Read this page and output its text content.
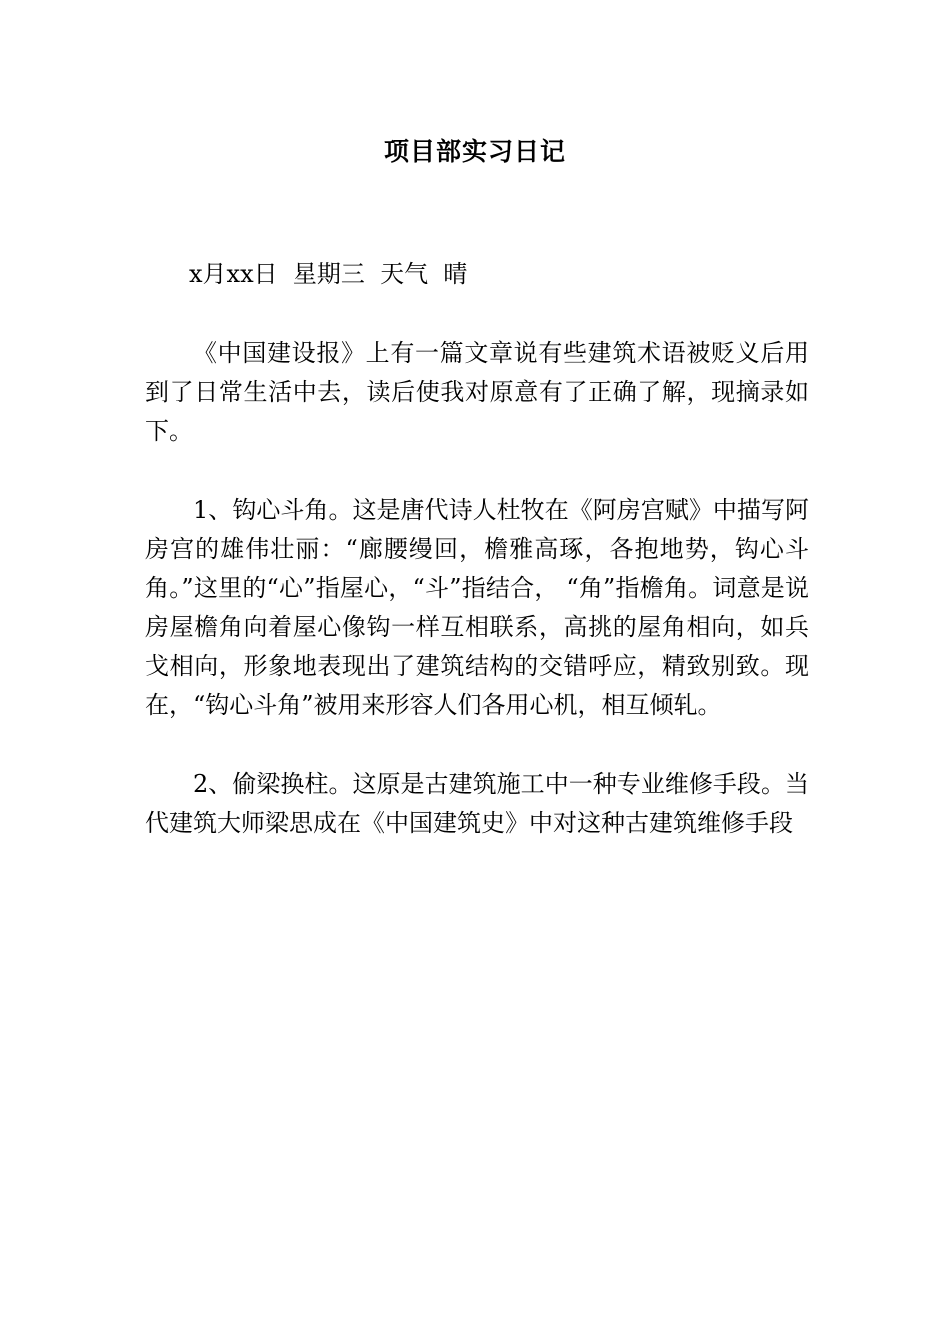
项目部实习日记

x月xx日  星期三  天气  晴

《中国建设报》上有一篇文章说有些建筑术语被贬义后用到了日常生活中去，读后使我对原意有了正确了解，现摘录如下。

1、钩心斗角。这是唐代诗人杜牧在《阿房宫赋》中描写阿房宫的雄伟壮丽：“廊腰缦回，檐雅高琢，各抱地势，钩心斗角。”这里的“心”指屋心，“斗”指结合， “角”指檐角。词意是说房屋檐角向着屋心像钩一样互相联系，高挑的屋角相向，如兵戈相向，形象地表现出了建筑结构的交错呼应，精致别致。现在，“钩心斗角”被用来形容人们各用心机，相互倾轧。

2、偷梁换柱。这原是古建筑施工中一种专业维修手段。当代建筑大师梁思成在《中国建筑史》中对这种古建筑维修手段
